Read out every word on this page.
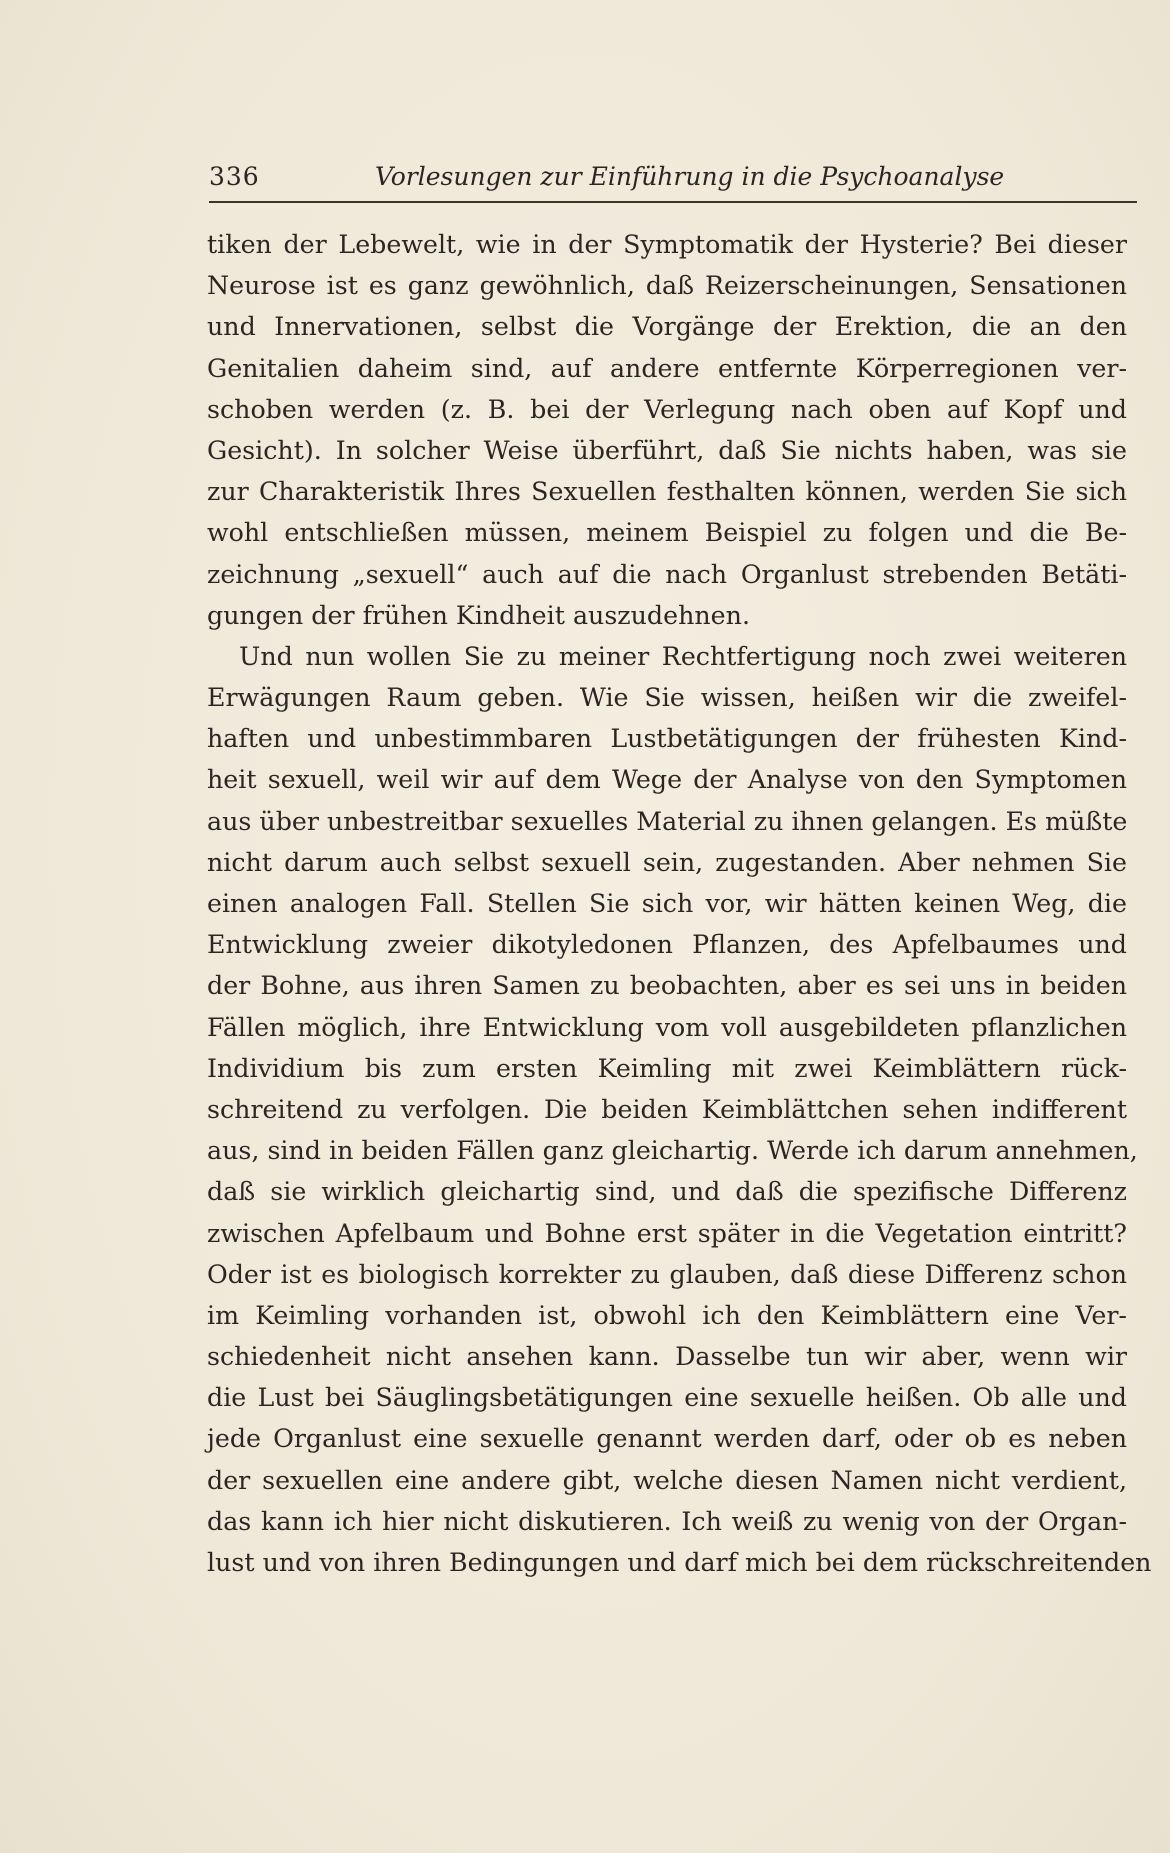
336	Vorlesungen zur Einführung in die Psychoanalyse
tiken der Lebewelt, wie in der Symptomatik der Hysterie? Bei dieser
Neurose ist es ganz gewöhnlich, daß Reizerscheinungen, Sensationen
und Innervationen, selbst die Vorgänge der Erektion, die an den
Genitalien daheim sind, auf andere entfernte Körperregionen ver-
schoben werden (z. B. bei der Verlegung nach oben auf Kopf und
Gesicht). In solcher Weise überführt, daß Sie nichts haben, was sie
zur Charakteristik Ihres Sexuellen festhalten können, werden Sie sich
wohl entschließen müssen, meinem Beispiel zu folgen und die Be-
zeichnung „sexuell“ auch auf die nach Organlust strebenden Betäti-
gungen der frühen Kindheit auszudehnen.
Und nun wollen Sie zu meiner Rechtfertigung noch zwei weiteren
Erwägungen Raum geben. Wie Sie wissen, heißen wir die zweifel-
haften und unbestimmbaren Lustbetätigungen der frühesten Kind-
heit sexuell, weil wir auf dem Wege der Analyse von den Symptomen
aus über unbestreitbar sexuelles Material zu ihnen gelangen. Es müßte
nicht darum auch selbst sexuell sein, zugestanden. Aber nehmen Sie
einen analogen Fall. Stellen Sie sich vor, wir hätten keinen Weg, die
Entwicklung zweier dikotyledonen Pflanzen, des Apfelbaumes und
der Bohne, aus ihren Samen zu beobachten, aber es sei uns in beiden
Fällen möglich, ihre Entwicklung vom voll ausgebildeten pflanzlichen
Individium bis zum ersten Keimling mit zwei Keimblättern rück-
schreitend zu verfolgen. Die beiden Keimblättchen sehen indifferent
aus, sind in beiden Fällen ganz gleichartig. Werde ich darum annehmen,
daß sie wirklich gleichartig sind, und daß die spezifische Differenz
zwischen Apfelbaum und Bohne erst später in die Vegetation eintritt?
Oder ist es biologisch korrekter zu glauben, daß diese Differenz schon
im Keimling vorhanden ist, obwohl ich den Keimblättern eine Ver-
schiedenheit nicht ansehen kann. Dasselbe tun wir aber, wenn wir
die Lust bei Säuglingsbetätigungen eine sexuelle heißen. Ob alle und
jede Organlust eine sexuelle genannt werden darf, oder ob es neben
der sexuellen eine andere gibt, welche diesen Namen nicht verdient,
das kann ich hier nicht diskutieren. Ich weiß zu wenig von der Organ-
lust und von ihren Bedingungen und darf mich bei dem rückschreitenden
